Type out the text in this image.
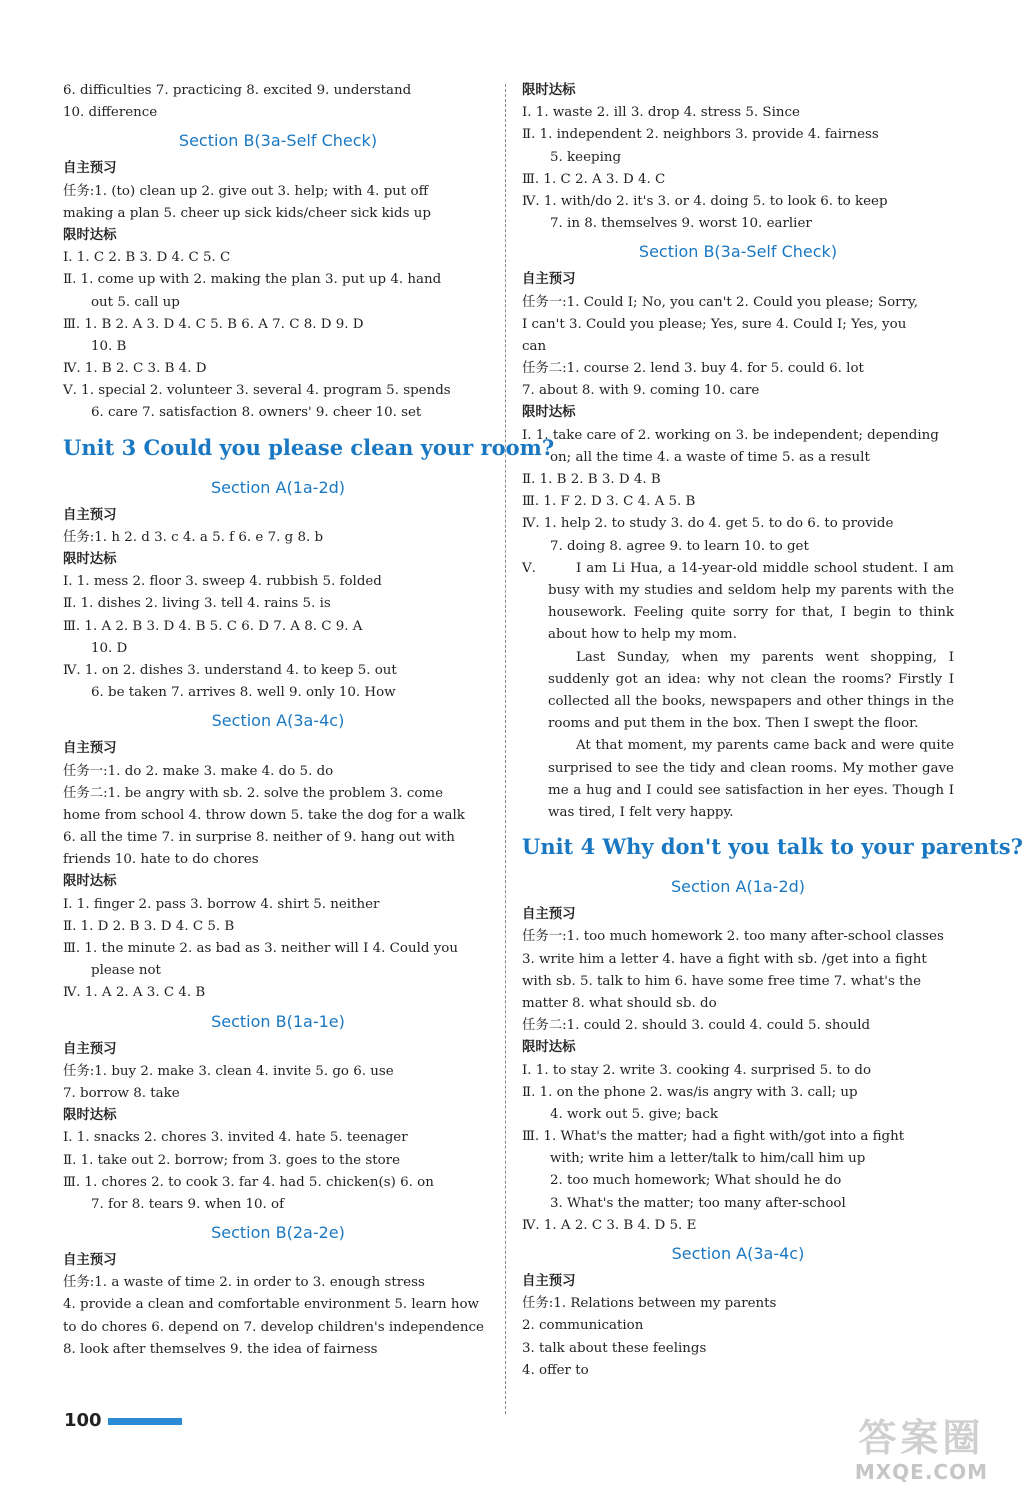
6. difficulties 7. practicing 8. excited 9. understand
10. difference
Section B(3a-Self Check)
自主预习
任务:1. (to) clean up 2. give out 3. help; with 4. put off
making a plan 5. cheer up sick kids/cheer sick kids up
限时达标
Ⅰ. 1. C 2. B 3. D 4. C 5. C
Ⅱ. 1. come up with 2. making the plan 3. put up 4. hand
out 5. call up
Ⅲ. 1. B 2. A 3. D 4. C 5. B 6. A 7. C 8. D 9. D
10. B
Ⅳ. 1. B 2. C 3. B 4. D
Ⅴ. 1. special 2. volunteer 3. several 4. program 5. spends
6. care 7. satisfaction 8. owners' 9. cheer 10. set
Unit 3 Could you please clean your room?
Section A(1a-2d)
自主预习
任务:1. h 2. d 3. c 4. a 5. f 6. e 7. g 8. b
限时达标
Ⅰ. 1. mess 2. floor 3. sweep 4. rubbish 5. folded
Ⅱ. 1. dishes 2. living 3. tell 4. rains 5. is
Ⅲ. 1. A 2. B 3. D 4. B 5. C 6. D 7. A 8. C 9. A
10. D
Ⅳ. 1. on 2. dishes 3. understand 4. to keep 5. out
6. be taken 7. arrives 8. well 9. only 10. How
Section A(3a-4c)
自主预习
任务一:1. do 2. make 3. make 4. do 5. do
任务二:1. be angry with sb. 2. solve the problem 3. come
home from school 4. throw down 5. take the dog for a walk
6. all the time 7. in surprise 8. neither of 9. hang out with
friends 10. hate to do chores
限时达标
Ⅰ. 1. finger 2. pass 3. borrow 4. shirt 5. neither
Ⅱ. 1. D 2. B 3. D 4. C 5. B
Ⅲ. 1. the minute 2. as bad as 3. neither will I 4. Could you
please not
Ⅳ. 1. A 2. A 3. C 4. B
Section B(1a-1e)
自主预习
任务:1. buy 2. make 3. clean 4. invite 5. go 6. use
7. borrow 8. take
限时达标
Ⅰ. 1. snacks 2. chores 3. invited 4. hate 5. teenager
Ⅱ. 1. take out 2. borrow; from 3. goes to the store
Ⅲ. 1. chores 2. to cook 3. far 4. had 5. chicken(s) 6. on
7. for 8. tears 9. when 10. of
Section B(2a-2e)
自主预习
任务:1. a waste of time 2. in order to 3. enough stress
4. provide a clean and comfortable environment 5. learn how
to do chores 6. depend on 7. develop children's independence
8. look after themselves 9. the idea of fairness
限时达标
Ⅰ. 1. waste 2. ill 3. drop 4. stress 5. Since
Ⅱ. 1. independent 2. neighbors 3. provide 4. fairness
5. keeping
Ⅲ. 1. C 2. A 3. D 4. C
Ⅳ. 1. with/do 2. it's 3. or 4. doing 5. to look 6. to keep
7. in 8. themselves 9. worst 10. earlier
Section B(3a-Self Check)
自主预习
任务一:1. Could I; No, you can't 2. Could you please; Sorry,
I can't 3. Could you please; Yes, sure 4. Could I; Yes, you
can
任务二:1. course 2. lend 3. buy 4. for 5. could 6. lot
7. about 8. with 9. coming 10. care
限时达标
Ⅰ. 1. take care of 2. working on 3. be independent; depending
on; all the time 4. a waste of time 5. as a result
Ⅱ. 1. B 2. B 3. D 4. B
Ⅲ. 1. F 2. D 3. C 4. A 5. B
Ⅳ. 1. help 2. to study 3. do 4. get 5. to do 6. to provide
7. doing 8. agree 9. to learn 10. to get
Ⅴ.	I am Li Hua, a 14-year-old middle school student. I am busy with my studies and seldom help my parents with the housework. Feeling quite sorry for that, I begin to think about how to help my mom.
Last Sunday, when my parents went shopping, I suddenly got an idea: why not clean the rooms? Firstly I collected all the books, newspapers and other things in the rooms and put them in the box. Then I swept the floor.
At that moment, my parents came back and were quite surprised to see the tidy and clean rooms. My mother gave me a hug and I could see satisfaction in her eyes. Though I was tired, I felt very happy.
Unit 4 Why don't you talk to your parents?
Section A(1a-2d)
自主预习
任务一:1. too much homework 2. too many after-school classes
3. write him a letter 4. have a fight with sb. /get into a fight
with sb. 5. talk to him 6. have some free time 7. what's the
matter 8. what should sb. do
任务二:1. could 2. should 3. could 4. could 5. should
限时达标
Ⅰ. 1. to stay 2. write 3. cooking 4. surprised 5. to do
Ⅱ. 1. on the phone 2. was/is angry with 3. call; up
4. work out 5. give; back
Ⅲ. 1. What's the matter; had a fight with/got into a fight
with; write him a letter/talk to him/call him up
2. too much homework; What should he do
3. What's the matter; too many after-school
Ⅳ. 1. A 2. C 3. B 4. D 5. E
Section A(3a-4c)
自主预习
任务:1. Relations between my parents
2. communication
3. talk about these feelings
4. offer to
100	答案圈
MXQE.COM
